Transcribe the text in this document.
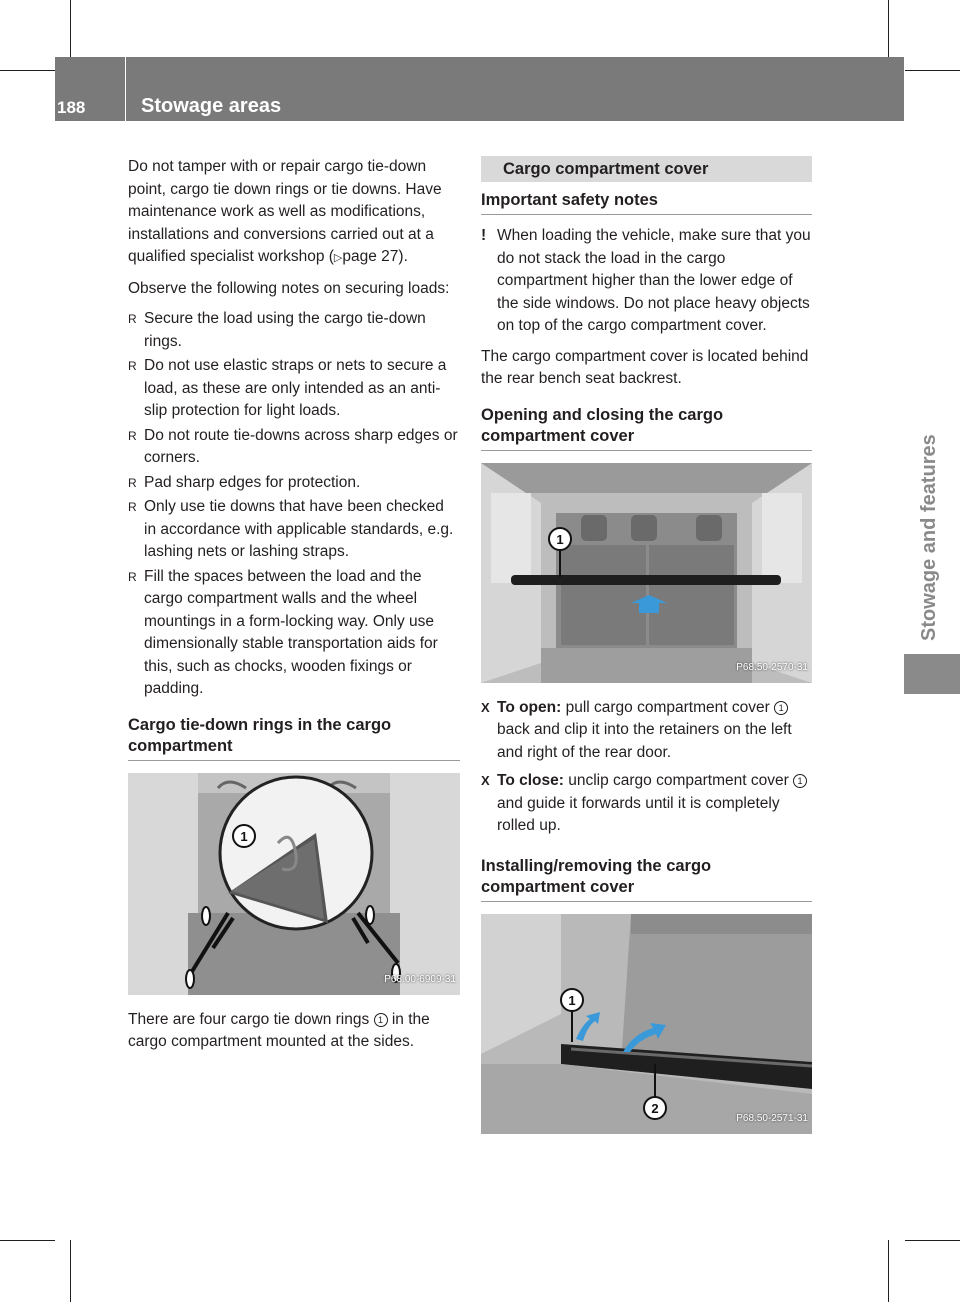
188	Stowage areas
Stowage and features

Do not tamper with or repair cargo tie-down point, cargo tie down rings or tie downs. Have maintenance work as well as modifications, installations and conversions carried out at a qualified specialist workshop (▷page 27).

Observe the following notes on securing loads:

R Secure the load using the cargo tie-down rings.
R Do not use elastic straps or nets to secure a load, as these are only intended as an anti-slip protection for light loads.
R Do not route tie-downs across sharp edges or corners.
R Pad sharp edges for protection.
R Only use tie downs that have been checked in accordance with applicable standards, e.g. lashing nets or lashing straps.
R Fill the spaces between the load and the cargo compartment walls and the wheel mountings in a form-locking way. Only use dimensionally stable transportation aids for this, such as chocks, wooden fixings or padding.
Cargo tie-down rings in the cargo compartment
1
P68.00-6909-31

There are four cargo tie down rings 1 in the cargo compartment mounted at the sides.

Cargo compartment cover
Important safety notes
! When loading the vehicle, make sure that you do not stack the load in the cargo compartment higher than the lower edge of the side windows. Do not place heavy objects on top of the cargo compartment cover.

The cargo compartment cover is located behind the rear bench seat backrest.

Opening and closing the cargo compartment cover
1
P68.50-2570-31
X To open: pull cargo compartment cover 1 back and clip it into the retainers on the left and right of the rear door.
X To close: unclip cargo compartment cover 1 and guide it forwards until it is completely rolled up.
Installing/removing the cargo compartment cover
1
2
P68.50-2571-31
